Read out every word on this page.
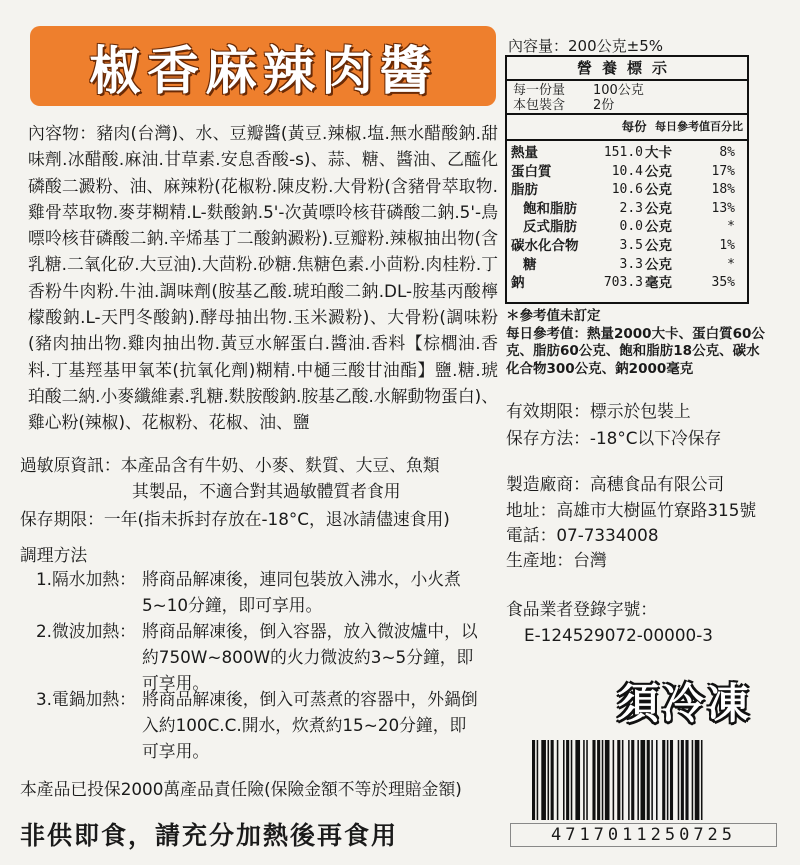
椒香麻辣肉醬
內容物：豬肉(台灣)、水、豆瓣醬(黃豆.辣椒.塩.無水醋酸鈉.甜味劑.冰醋酸.麻油.甘草素.安息香酸-s)、蒜、糖、醬油、乙醯化磷酸二澱粉、油、麻辣粉(花椒粉.陳皮粉.大骨粉(含豬骨萃取物.雞骨萃取物.麥芽糊精.L-麩酸鈉.5'-次黃嘌呤核苷磷酸二鈉.5'-鳥嘌呤核苷磷酸二鈉.辛烯基丁二酸鈉澱粉).豆瓣粉.辣椒抽出物(含乳糖.二氧化矽.大豆油).大茴粉.砂糖.焦糖色素.小茴粉.肉桂粉.丁香粉牛肉粉.牛油.調味劑(胺基乙酸.琥珀酸二鈉.DL-胺基丙酸檸檬酸鈉.L-天門冬酸鈉).酵母抽出物.玉米澱粉)、大骨粉(調味粉(豬肉抽出物.雞肉抽出物.黃豆水解蛋白.醬油.香料【棕櫚油.香料.丁基羥基甲氧苯(抗氧化劑)糊精.中樋三酸甘油酯】鹽.糖.琥珀酸二納.小麥纖維素.乳糖.麩胺酸鈉.胺基乙酸.水解動物蛋白)、雞心粉(辣椒)、花椒粉、花椒、油、鹽
過敏原資訊： 本產品含有牛奶、小麥、麩質、大豆、魚類
其製品，不適合對其過敏體質者食用
保存期限： 一年(指未拆封存放在-18°C，退冰請儘速食用)
調理方法
1.隔水加熱： 將商品解凍後，連同包裝放入沸水，小火煮5~10分鐘，即可享用。
2.微波加熱： 將商品解凍後，倒入容器，放入微波爐中，以約750W~800W的火力微波約3~5分鐘，即可享用。
3.電鍋加熱： 將商品解凍後，倒入可蒸煮的容器中，外鍋倒入約100C.C.開水，炊煮約15~20分鐘，即可享用。
本產品已投保2000萬產品責任險(保險金額不等於理賠金額)
非供即食，請充分加熱後再食用
內容量：200公克±5%
營養標示
每一份量 100公克
本包裝含 2份
每份 每日參考值百分比
熱量	151.0 大卡	8%
蛋白質	10.4 公克	17%
脂肪	10.6 公克	18%
飽和脂肪	2.3 公克	13%
反式脂肪	0.0 公克	*
碳水化合物	3.5 公克	1%
糖	3.3 公克	*
鈉	703.3 毫克	35%
＊參考值未訂定
每日參考值：熱量2000大卡、蛋白質60公克、脂肪60公克、飽和脂肪18公克、碳水化合物300公克、鈉2000毫克
有效期限：標示於包裝上
保存方法：-18°C以下冷保存
製造廠商：高穗食品有限公司
地址：高雄市大樹區竹寮路315號
電話：07-7334008
生產地：台灣
食品業者登錄字號：
E-124529072-00000-3
須冷凍
4717011250725
